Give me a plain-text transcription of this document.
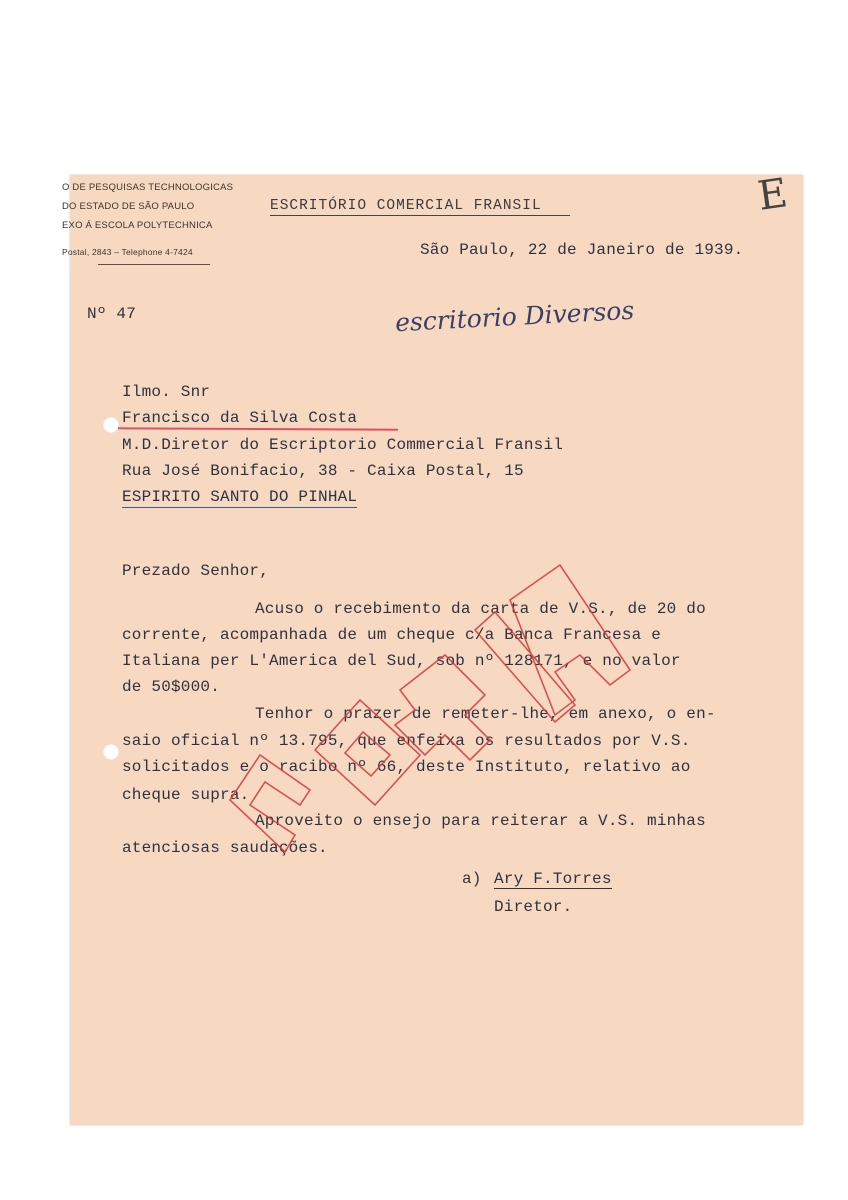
O DE PESQUISAS TECHNOLOGICAS
DO ESTADO DE SÃO PAULO
EXO Á ESCOLA POLYTECHNICA
Postal, 2843 – Telephone 4-7424
ESCRITÓRIO COMERCIAL FRANSIL	E
São Paulo, 22 de Janeiro de 1939.
Nº 47	escritorio Diversos
Ilmo. Snr
Francisco da Silva Costa
M.D.Diretor do Escriptorio Commercial Fransil
Rua José Bonifacio, 38 - Caixa Postal, 15
ESPIRITO SANTO DO PINHAL
Prezado Senhor,
Acuso o recebimento da carta de V.S., de 20 do
corrente, acompanhada de um cheque c/a Banca Francesa e
Italiana per L'America del Sud, sob nº 128171, e no valor
de 50$000.
Tenhor o prazer de remeter-lhe, em anexo, o en-
saio oficial nº 13.795, que enfeixa os resultados por V.S.
solicitados e o racibo nº 66, deste Instituto, relativo ao
cheque supra.
Aproveito o ensejo para reiterar a V.S. minhas
atenciosas saudações.
a) Ary F.Torres
Diretor.
